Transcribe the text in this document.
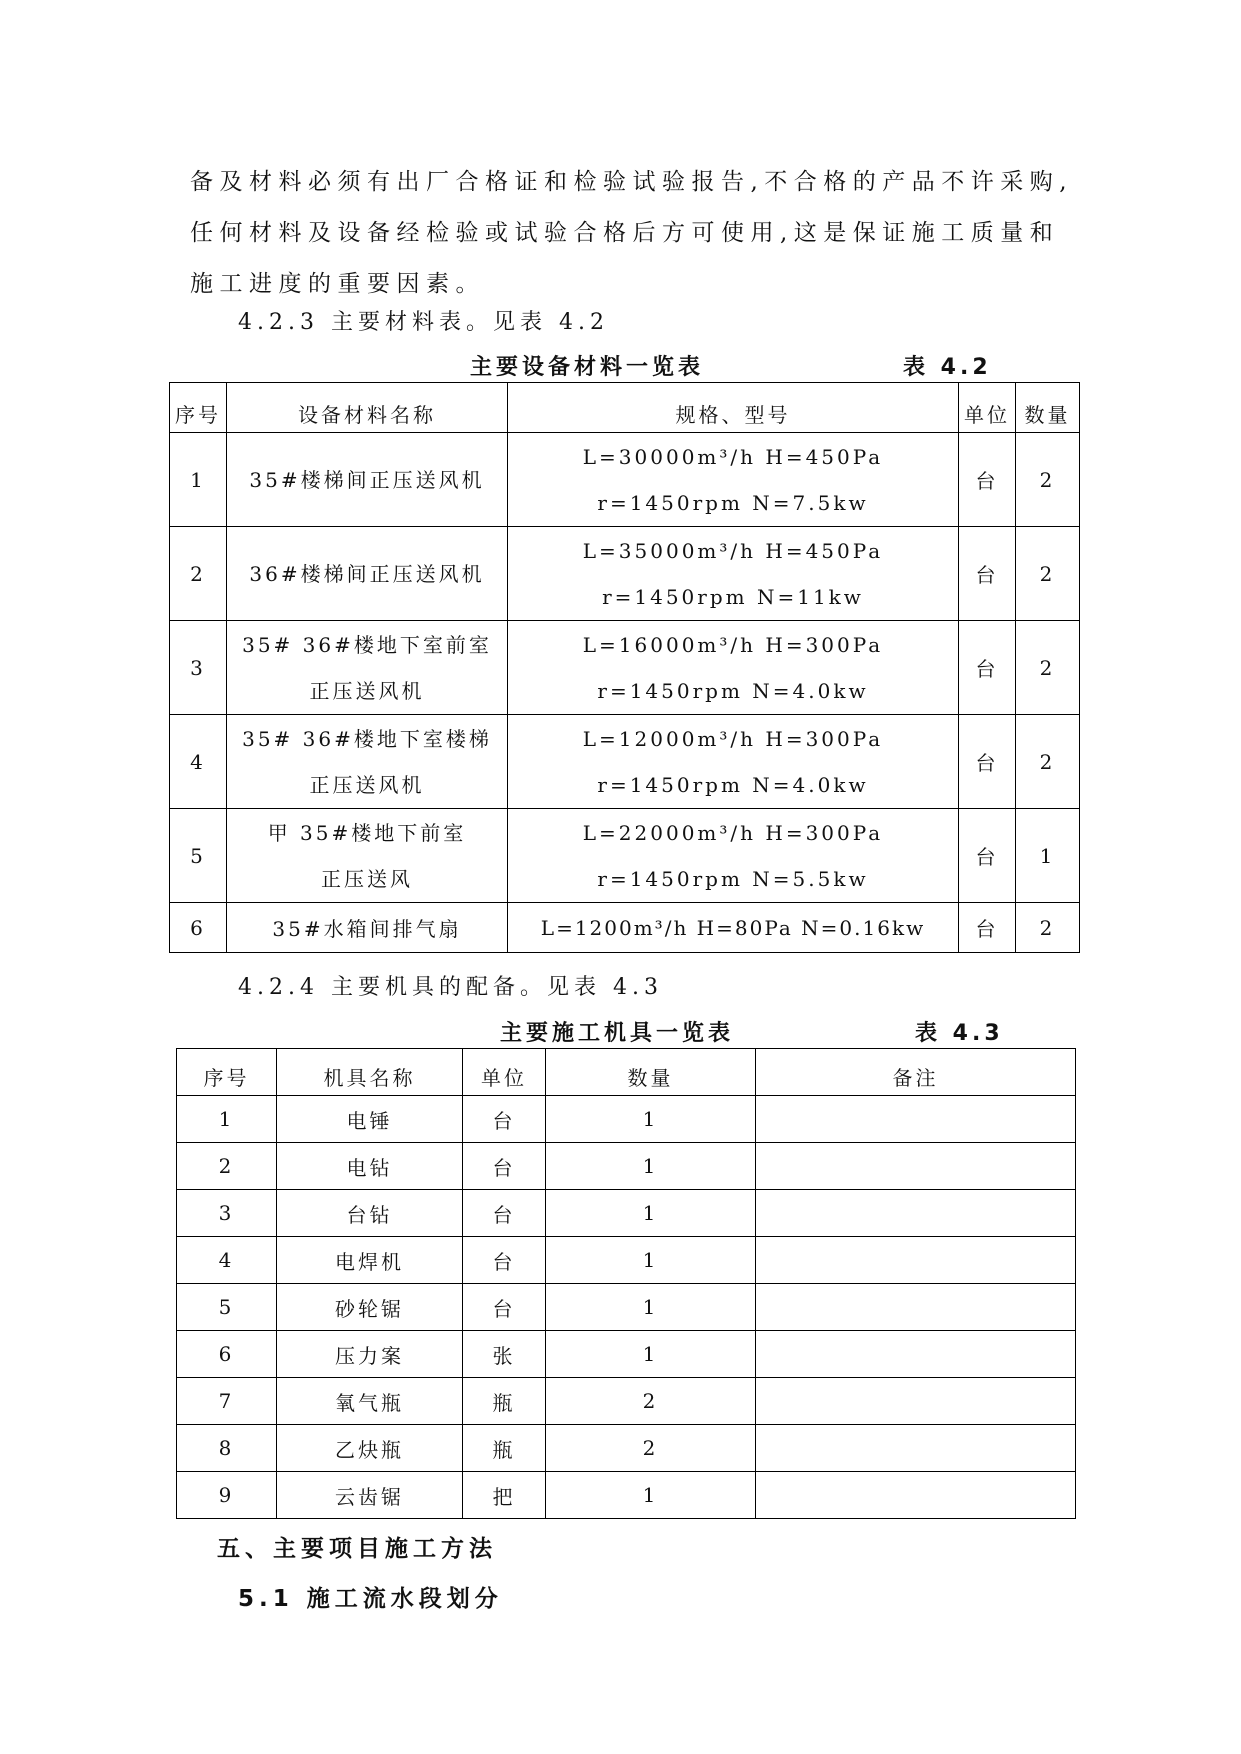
备及材料必须有出厂合格证和检验试验报告,不合格的产品不许采购,
任何材料及设备经检验或试验合格后方可使用,这是保证施工质量和
施工进度的重要因素。
4.2.3 主要材料表。见表 4.2
主要设备材料一览表	表 4.2
序号	设备材料名称	规格、型号	单位	数量
1	35#楼梯间正压送风机	L=30000m³/h H=450Pa
r=1450rpm N=7.5kw	台	2
2	36#楼梯间正压送风机	L=35000m³/h H=450Pa
r=1450rpm N=11kw	台	2
3	35# 36#楼地下室前室
正压送风机	L=16000m³/h H=300Pa
r=1450rpm N=4.0kw	台	2
4	35# 36#楼地下室楼梯
正压送风机	L=12000m³/h H=300Pa
r=1450rpm N=4.0kw	台	2
5	甲 35#楼地下前室
正压送风	L=22000m³/h H=300Pa
r=1450rpm N=5.5kw	台	1
6	35#水箱间排气扇	L=1200m³/h H=80Pa N=0.16kw	台	2
4.2.4 主要机具的配备。见表 4.3
主要施工机具一览表	表 4.3
序号	机具名称	单位	数量	备注
1	电锤	台	1	
2	电钻	台	1	
3	台钻	台	1	
4	电焊机	台	1	
5	砂轮锯	台	1	
6	压力案	张	1	
7	氧气瓶	瓶	2	
8	乙炔瓶	瓶	2	
9	云齿锯	把	1	
五、主要项目施工方法
5.1 施工流水段划分
